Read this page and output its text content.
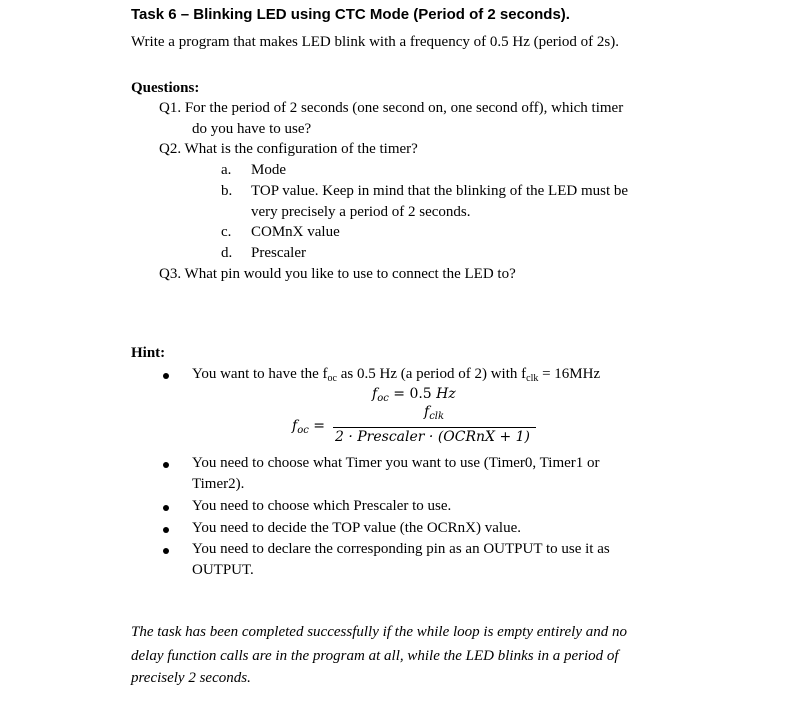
Task 6 – Blinking LED using CTC Mode (Period of 2 seconds).
Write a program that makes LED blink with a frequency of 0.5 Hz (period of 2s).
Questions:
Q1. For the period of 2 seconds (one second on, one second off), which timer
do you have to use?
Q2. What is the configuration of the timer?
a. Mode
b. TOP value. Keep in mind that the blinking of the LED must be
very precisely a period of 2 seconds.
c. COMnX value
d. Prescaler
Q3. What pin would you like to use to connect the LED to?
Hint:
You want to have the $f_{oc}$ as 0.5 Hz (a period of 2) with $f_{clk} = 16MHz$
$f_{oc} = 0.5$ Hz
$f_{oc}$ =
$f_{clk}$
2 · Prescaler · (OCRnX + 1)
You need to choose what Timer you want to use (Timer0, Timer1 or
Timer2).
You need to choose which Prescaler to use.
You need to decide the TOP value (the OCRnX) value.
You need to declare the corresponding pin as an OUTPUT to use it as
OUTPUT.
The task has been completed successfully if the while loop is empty entirely and no
delay function calls are in the program at all, while the LED blinks in a period of
precisely 2 seconds.
